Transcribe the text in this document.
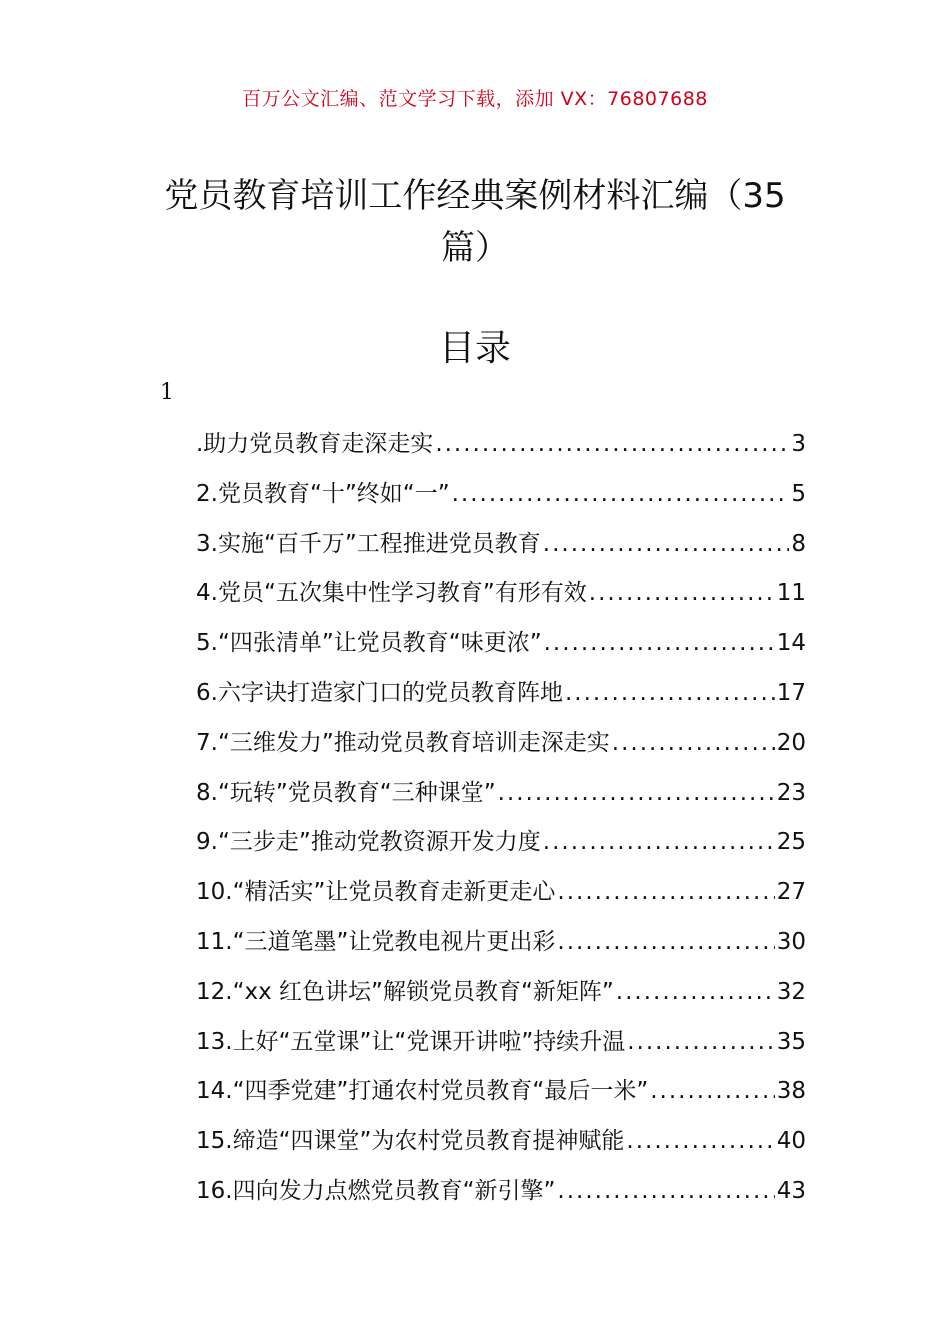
百万公文汇编、范文学习下载，添加 VX：76807688
党员教育培训工作经典案例材料汇编（35篇）
目录
1
.助力党员教育走深走实 .....	3
2.党员教育“十”终如“一” .....	5
3.实施“百千万”工程推进党员教育 .....	8
4.党员“五次集中性学习教育”有形有效 .....	11
5.“四张清单”让党员教育“味更浓” .....	14
6.六字诀打造家门口的党员教育阵地 .....	17
7.“三维发力”推动党员教育培训走深走实 .....	20
8.“玩转”党员教育“三种课堂” .....	23
9.“三步走”推动党教资源开发力度 .....	25
10.“精活实”让党员教育走新更走心 .....	27
11.“三道笔墨”让党教电视片更出彩 .....	30
12.“xx 红色讲坛”解锁党员教育“新矩阵” .....	32
13.上好“五堂课”让“党课开讲啦”持续升温 .....	35
14.“四季党建”打通农村党员教育“最后一米” .....	38
15.缔造“四课堂”为农村党员教育提神赋能 .....	40
16.四向发力点燃党员教育“新引擎” .....	43
